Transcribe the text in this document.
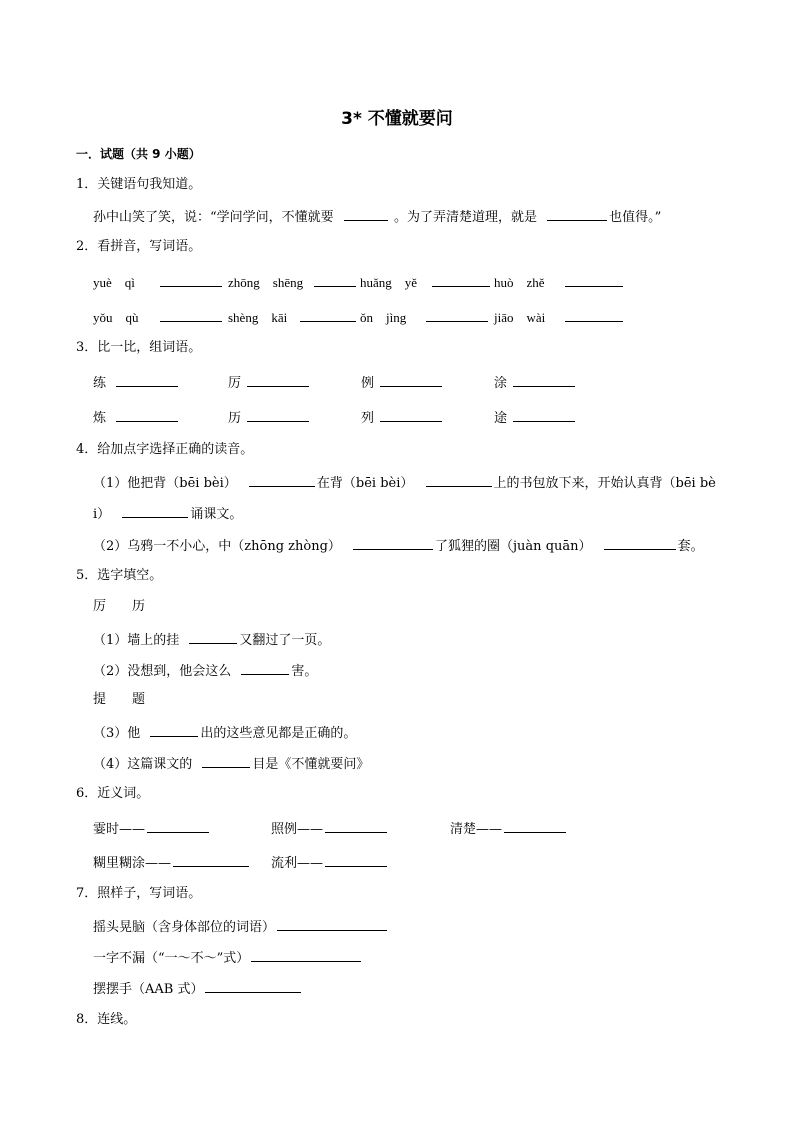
3* 不懂就要问
一．试题（共 9 小题）
1．关键语句我知道。
孙中山笑了笑，说：“学问学问，不懂就要	。为了弄清楚道理，就是	也值得。”
2．看拼音，写词语。
yuè　qì	zhōng　shēng	huǎng　yě	huò　zhě
yǒu　qù	shèng　kāi	ǒn　jìng	jiāo　wài
3．比一比，组词语。
练	厉	例	涂
炼	历	列	途
4．给加点字选择正确的读音。
（1）他把背（bēi bèi）	在背（bēi bèi）	上的书包放下来，开始认真背（bēi bè
i）	诵课文。
（2）乌鸦一不小心，中（zhōng zhòng）	了狐狸的圈（juàn quān）	套。
5．选字填空。
厉　　历
（1）墙上的挂	又翻过了一页。
（2）没想到，他会这么	害。
提　　题
（3）他	出的这些意见都是正确的。
（4）这篇课文的	目是《不懂就要问》
6．近义词。
霎时——	照例——	清楚——
糊里糊涂——	流利——
7．照样子，写词语。
摇头晃脑（含身体部位的词语）
一字不漏（“一～不～”式）
摆摆手（AAB 式）
8．连线。
